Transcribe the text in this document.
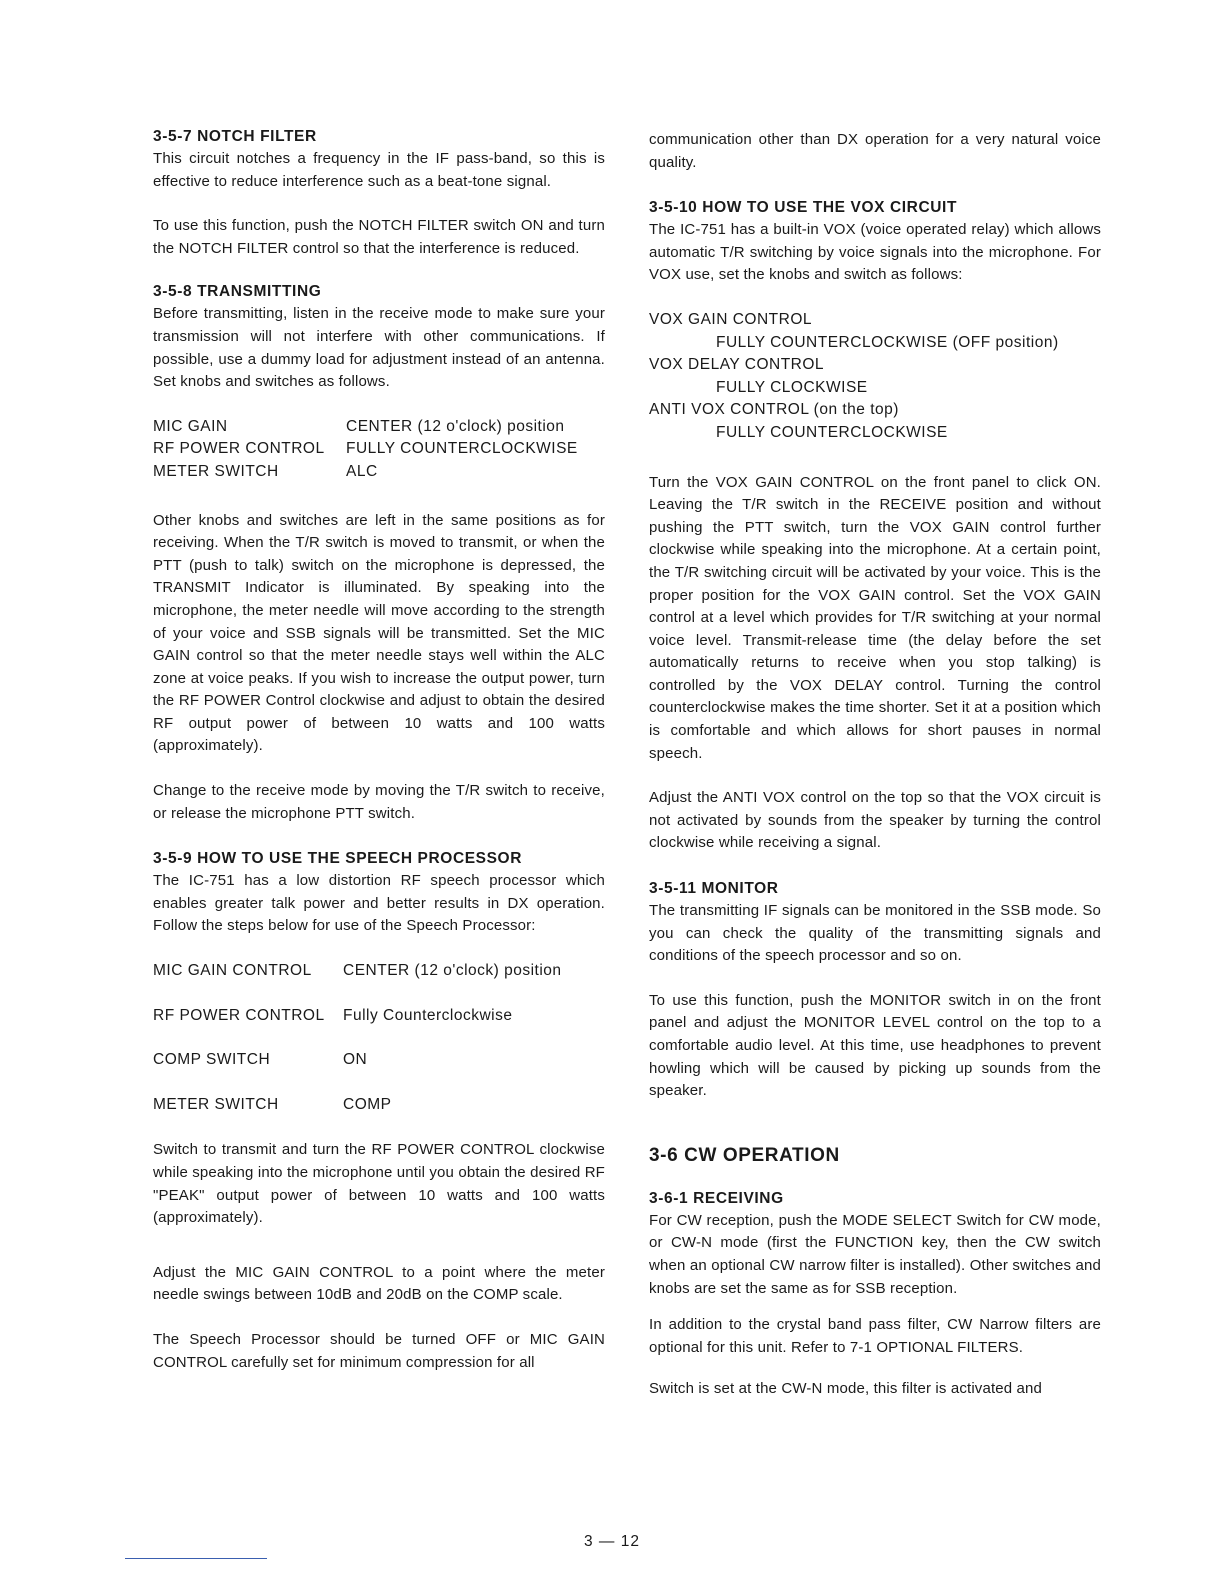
3-5-7 NOTCH FILTER

This circuit notches a frequency in the IF pass-band, so this is effective to reduce interference such as a beat-tone signal.

To use this function, push the NOTCH FILTER switch ON and turn the NOTCH FILTER control so that the interference is reduced.

3-5-8 TRANSMITTING

Before transmitting, listen in the receive mode to make sure your transmission will not interfere with other communications. If possible, use a dummy load for adjustment instead of an antenna. Set knobs and switches as follows.

MIC GAIN	CENTER (12 o'clock) position
RF POWER CONTROL	FULLY COUNTERCLOCKWISE
METER SWITCH	ALC

Other knobs and switches are left in the same positions as for receiving. When the T/R switch is moved to transmit, or when the PTT (push to talk) switch on the microphone is depressed, the TRANSMIT Indicator is illuminated. By speaking into the microphone, the meter needle will move according to the strength of your voice and SSB signals will be transmitted. Set the MIC GAIN control so that the meter needle stays well within the ALC zone at voice peaks. If you wish to increase the output power, turn the RF POWER Control clockwise and adjust to obtain the desired RF output power of between 10 watts and 100 watts (approximately).

Change to the receive mode by moving the T/R switch to receive, or release the microphone PTT switch.

3-5-9 HOW TO USE THE SPEECH PROCESSOR

The IC-751 has a low distortion RF speech processor which enables greater talk power and better results in DX operation. Follow the steps below for use of the Speech Processor:

MIC GAIN CONTROL	CENTER (12 o'clock) position
RF POWER CONTROL	Fully Counterclockwise
COMP SWITCH	ON
METER SWITCH	COMP

Switch to transmit and turn the RF POWER CONTROL clockwise while speaking into the microphone until you obtain the desired RF "PEAK" output power of between 10 watts and 100 watts (approximately).

Adjust the MIC GAIN CONTROL to a point where the meter needle swings between 10dB and 20dB on the COMP scale.

The Speech Processor should be turned OFF or MIC GAIN CONTROL carefully set for minimum compression for all

communication other than DX operation for a very natural voice quality.

3-5-10 HOW TO USE THE VOX CIRCUIT

The IC-751 has a built-in VOX (voice operated relay) which allows automatic T/R switching by voice signals into the microphone. For VOX use, set the knobs and switch as follows:

VOX GAIN CONTROL
FULLY COUNTERCLOCKWISE (OFF position)
VOX DELAY CONTROL
FULLY CLOCKWISE
ANTI VOX CONTROL (on the top)
FULLY COUNTERCLOCKWISE

Turn the VOX GAIN CONTROL on the front panel to click ON. Leaving the T/R switch in the RECEIVE position and without pushing the PTT switch, turn the VOX GAIN control further clockwise while speaking into the microphone. At a certain point, the T/R switching circuit will be activated by your voice. This is the proper position for the VOX GAIN control. Set the VOX GAIN control at a level which provides for T/R switching at your normal voice level. Transmit-release time (the delay before the set automatically returns to receive when you stop talking) is controlled by the VOX DELAY control. Turning the control counterclockwise makes the time shorter. Set it at a position which is comfortable and which allows for short pauses in normal speech.

Adjust the ANTI VOX control on the top so that the VOX circuit is not activated by sounds from the speaker by turning the control clockwise while receiving a signal.

3-5-11 MONITOR

The transmitting IF signals can be monitored in the SSB mode. So you can check the quality of the transmitting signals and conditions of the speech processor and so on.

To use this function, push the MONITOR switch in on the front panel and adjust the MONITOR LEVEL control on the top to a comfortable audio level. At this time, use headphones to prevent howling which will be caused by picking up sounds from the speaker.

3-6 CW OPERATION
3-6-1 RECEIVING

For CW reception, push the MODE SELECT Switch for CW mode, or CW-N mode (first the FUNCTION key, then the CW switch when an optional CW narrow filter is installed). Other switches and knobs are set the same as for SSB reception.

In addition to the crystal band pass filter, CW Narrow filters are optional for this unit. Refer to 7-1 OPTIONAL FILTERS.

Switch is set at the CW-N mode, this filter is activated and

3 — 12
